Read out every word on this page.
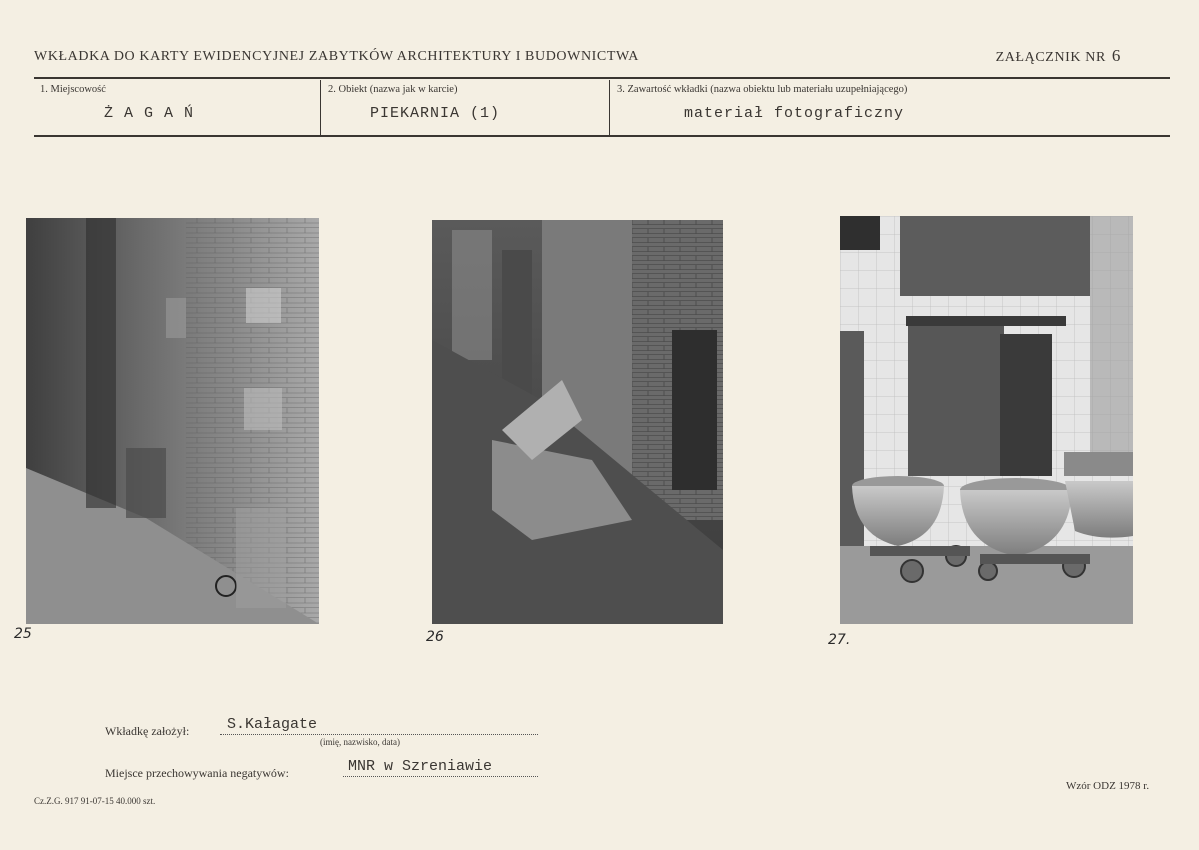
WKŁADKA DO KARTY EWIDENCYJNEJ ZABYTKÓW ARCHITEKTURY I BUDOWNICTWA	ZAŁĄCZNIK NR 6
1. Miejscowość
Ż A G A Ń
2. Obiekt (nazwa jak w karcie)
PIEKARNIA (1)
3. Zawartość wkładki (nazwa obiektu lub materiału uzupełniającego)
materiał fotograficzny
25	26	27.
Wkładkę założył:	S.Kałagate
(imię, nazwisko, data)
Miejsce przechowywania negatywów:	MNR w Szreniawie
Cz.Z.G. 917 91-07-15 40.000 szt.
Wzór ODZ 1978 r.
